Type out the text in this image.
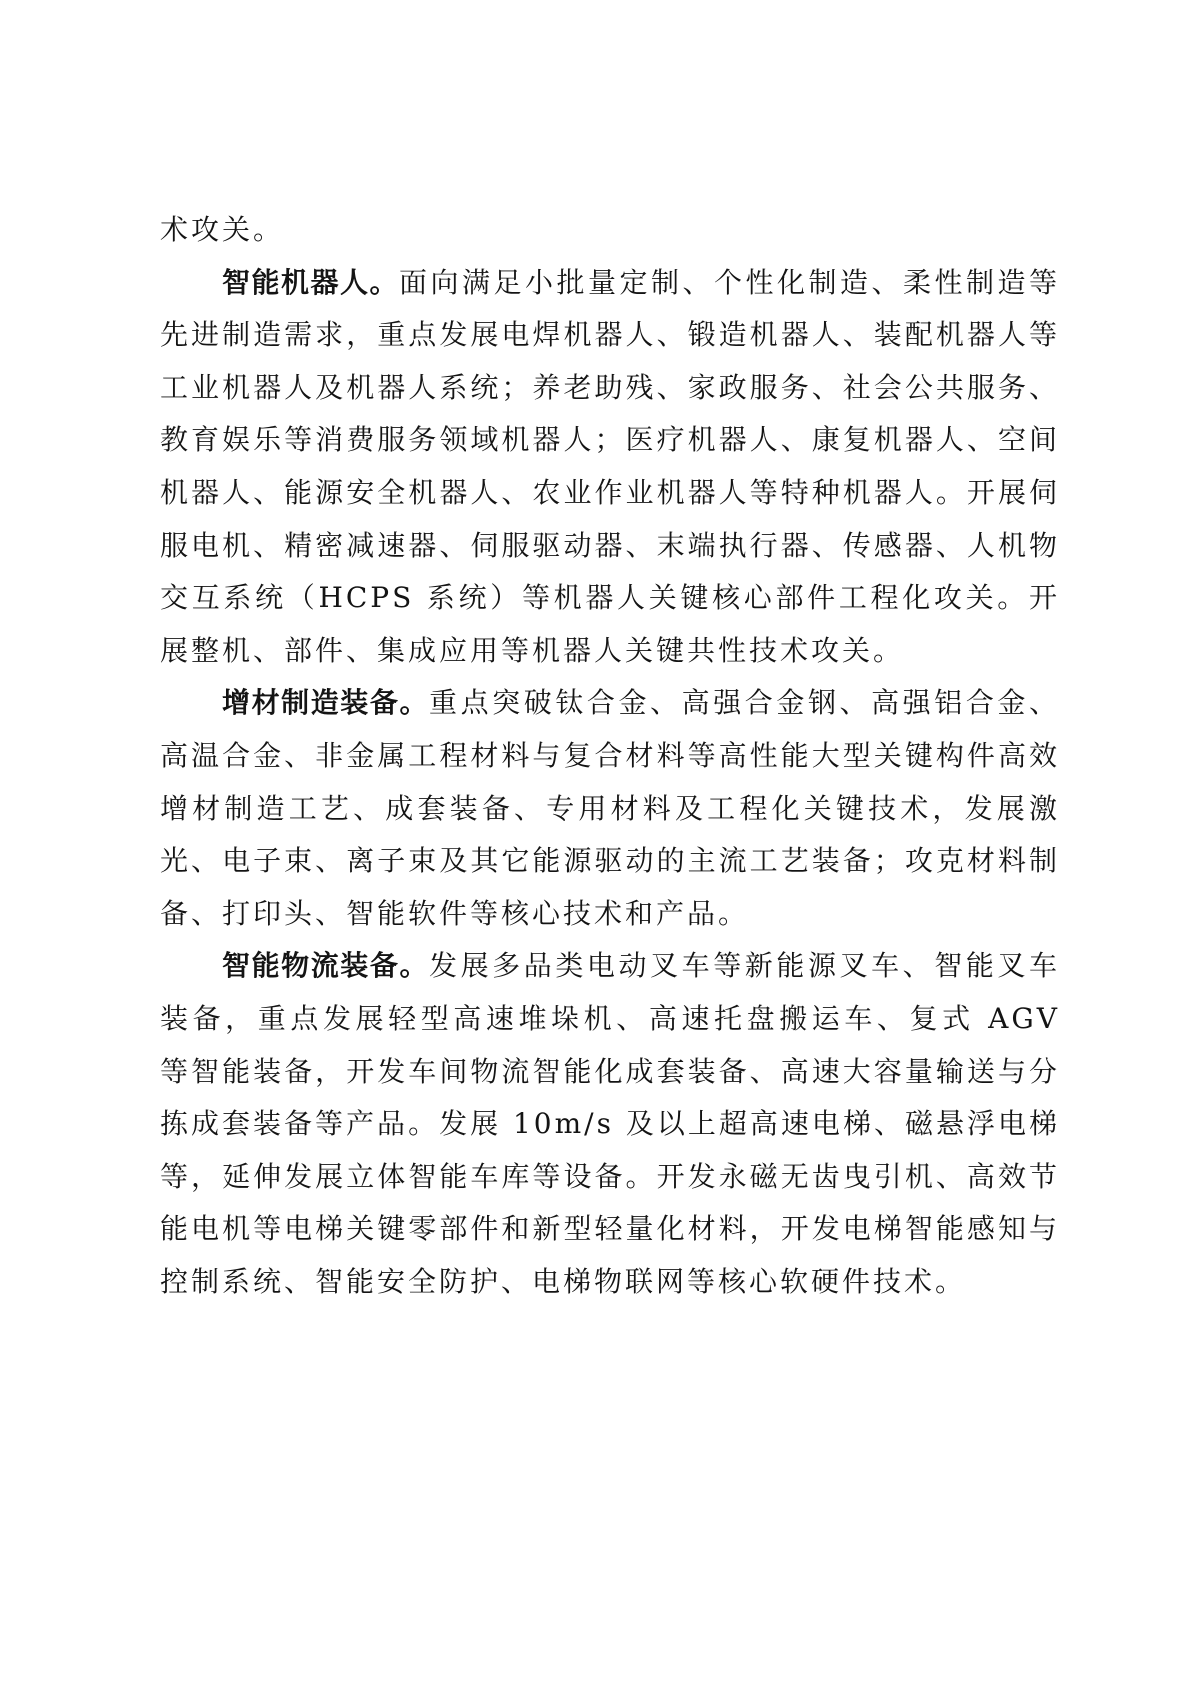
术攻关。

智能机器人。面向满足小批量定制、个性化制造、柔性制造等先进制造需求，重点发展电焊机器人、锻造机器人、装配机器人等工业机器人及机器人系统；养老助残、家政服务、社会公共服务、教育娱乐等消费服务领域机器人；医疗机器人、康复机器人、空间机器人、能源安全机器人、农业作业机器人等特种机器人。开展伺服电机、精密减速器、伺服驱动器、末端执行器、传感器、人机物交互系统（HCPS 系统）等机器人关键核心部件工程化攻关。开展整机、部件、集成应用等机器人关键共性技术攻关。

增材制造装备。重点突破钛合金、高强合金钢、高强铝合金、高温合金、非金属工程材料与复合材料等高性能大型关键构件高效增材制造工艺、成套装备、专用材料及工程化关键技术，发展激光、电子束、离子束及其它能源驱动的主流工艺装备；攻克材料制备、打印头、智能软件等核心技术和产品。

智能物流装备。发展多品类电动叉车等新能源叉车、智能叉车装备，重点发展轻型高速堆垛机、高速托盘搬运车、复式 AGV 等智能装备，开发车间物流智能化成套装备、高速大容量输送与分拣成套装备等产品。发展 10m/s 及以上超高速电梯、磁悬浮电梯等，延伸发展立体智能车库等设备。开发永磁无齿曳引机、高效节能电机等电梯关键零部件和新型轻量化材料，开发电梯智能感知与控制系统、智能安全防护、电梯物联网等核心软硬件技术。
